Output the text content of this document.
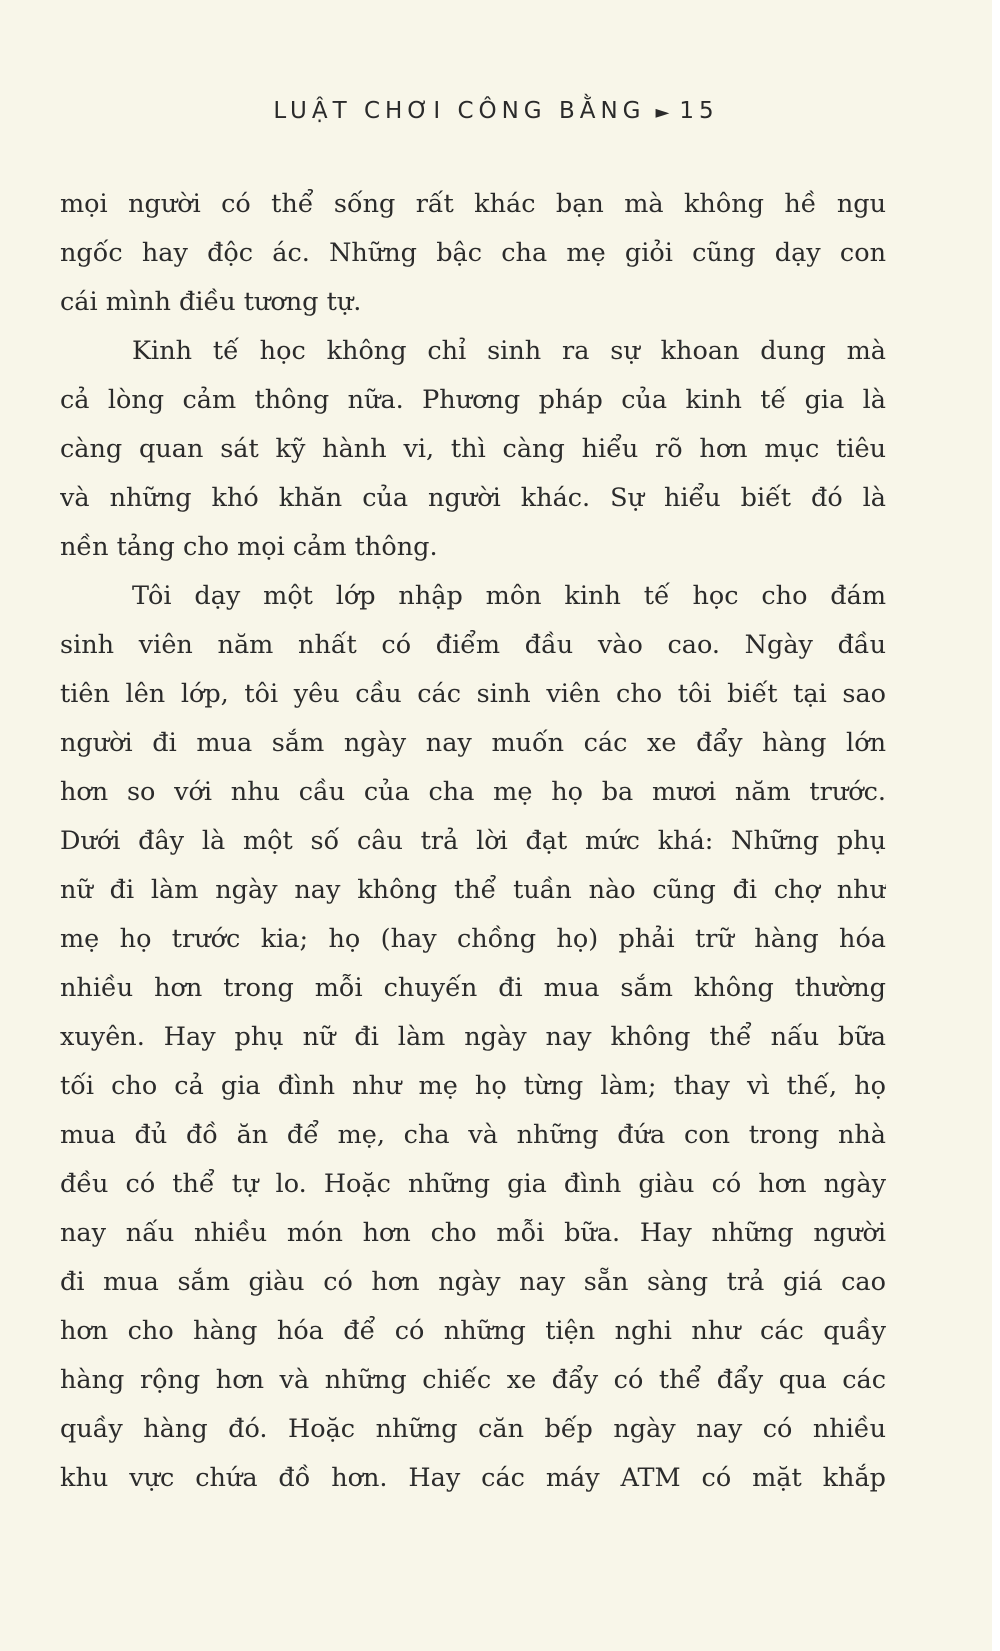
LUẬT CHƠI CÔNG BẰNG ► 15
mọi người có thể sống rất khác bạn mà không hề ngu
ngốc hay độc ác. Những bậc cha mẹ giỏi cũng dạy con
cái mình điều tương tự.
Kinh tế học không chỉ sinh ra sự khoan dung mà
cả lòng cảm thông nữa. Phương pháp của kinh tế gia là
càng quan sát kỹ hành vi, thì càng hiểu rõ hơn mục tiêu
và những khó khăn của người khác. Sự hiểu biết đó là
nền tảng cho mọi cảm thông.
Tôi dạy một lớp nhập môn kinh tế học cho đám
sinh viên năm nhất có điểm đầu vào cao. Ngày đầu
tiên lên lớp, tôi yêu cầu các sinh viên cho tôi biết tại sao
người đi mua sắm ngày nay muốn các xe đẩy hàng lớn
hơn so với nhu cầu của cha mẹ họ ba mươi năm trước.
Dưới đây là một số câu trả lời đạt mức khá: Những phụ
nữ đi làm ngày nay không thể tuần nào cũng đi chợ như
mẹ họ trước kia; họ (hay chồng họ) phải trữ hàng hóa
nhiều hơn trong mỗi chuyến đi mua sắm không thường
xuyên. Hay phụ nữ đi làm ngày nay không thể nấu bữa
tối cho cả gia đình như mẹ họ từng làm; thay vì thế, họ
mua đủ đồ ăn để mẹ, cha và những đứa con trong nhà
đều có thể tự lo. Hoặc những gia đình giàu có hơn ngày
nay nấu nhiều món hơn cho mỗi bữa. Hay những người
đi mua sắm giàu có hơn ngày nay sẵn sàng trả giá cao
hơn cho hàng hóa để có những tiện nghi như các quầy
hàng rộng hơn và những chiếc xe đẩy có thể đẩy qua các
quầy hàng đó. Hoặc những căn bếp ngày nay có nhiều
khu vực chứa đồ hơn. Hay các máy ATM có mặt khắp
